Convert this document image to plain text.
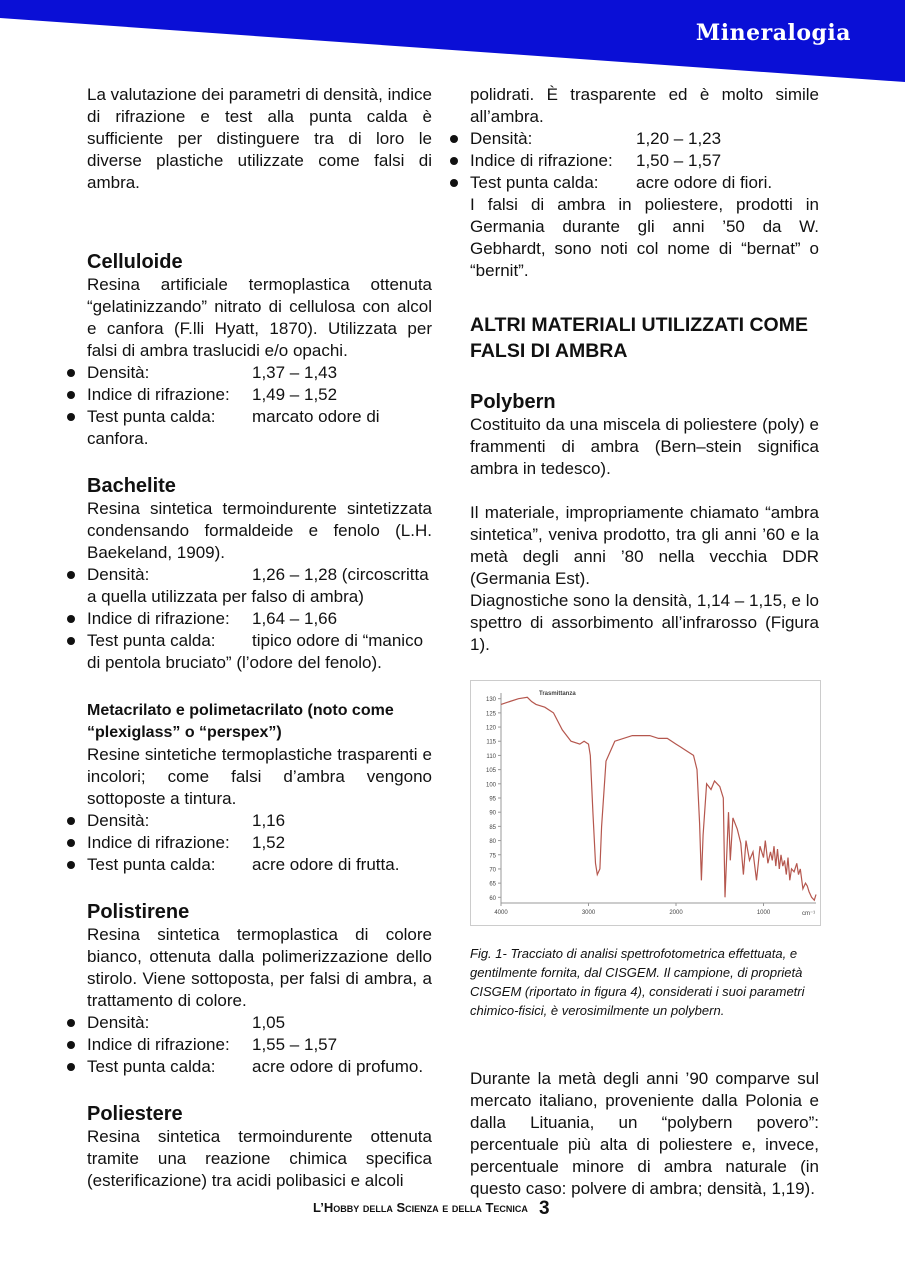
Mineralogia

La valutazione dei parametri di densità, indice di rifrazione e test alla punta calda è sufficiente per distinguere tra di loro le diverse plastiche utilizzate come falsi di ambra.

Celluloide

Resina artificiale termoplastica ottenuta “gelatinizzando” nitrato di cellulosa con alcol e canfora (F.lli Hyatt, 1870). Utilizzata per falsi di ambra traslucidi e/o opachi.

Densità:	1,37 – 1,43
Indice di rifrazione: 1,49 – 1,52
Test punta calda: marcato odore di canfora.
Bachelite

Resina sintetica termoindurente sintetizzata condensando formaldeide e fenolo (L.H. Baekeland, 1909).

Densità:	1,26 – 1,28 (circoscritta a quella utilizzata per falso di ambra)
Indice di rifrazione: 1,64 – 1,66
Test punta calda: tipico odore di “manico di pentola bruciato” (l’odore del fenolo).
Metacrilato e polimetacrilato (noto come “plexiglass” o “perspex”)

Resine sintetiche termoplastiche trasparenti e incolori; come falsi d’ambra vengono sottoposte a tintura.

Densità:	1,16
Indice di rifrazione: 1,52
Test punta calda: acre odore di frutta.
Polistirene

Resina sintetica termoplastica di colore bianco, ottenuta dalla polimerizzazione dello stirolo. Viene sottoposta, per falsi di ambra, a trattamento di colore.

Densità:	1,05
Indice di rifrazione: 1,55 – 1,57
Test punta calda: acre odore di profumo.
Poliestere

Resina sintetica termoindurente ottenuta tramite una reazione chimica specifica (esterificazione) tra acidi polibasici e alcoli

polidrati. È trasparente ed è molto simile all’ambra.

Densità:	1,20 – 1,23
Indice di rifrazione: 1,50 – 1,57
Test punta calda: acre odore di fiori.

I falsi di ambra in poliestere, prodotti in Germania durante gli anni ’50 da W. Gebhardt, sono noti col nome di “bernat” o “bernit”.

ALTRI MATERIALI UTILIZZATI COME FALSI DI AMBRA
Polybern

Costituito da una miscela di poliestere (poly) e frammenti di ambra (Bern–stein significa ambra in tedesco).

Il materiale, impropriamente chiamato “ambra sintetica”, veniva prodotto, tra gli anni ’60 e la metà degli anni ’80 nella vecchia DDR (Germania Est).

Diagnostiche sono la densità, 1,14 – 1,15, e lo spettro di assorbimento all’infrarosso (Figura 1).

130
125
120
115
110
105
100
95
90
85
80
75
70
65
60
4000	3000	2000	1000	cm⁻¹
Trasmittanza

Fig. 1- Tracciato di analisi spettrofotometrica effettuata, e gentilmente fornita, dal CISGEM. Il campione, di proprietà CISGEM (riportato in figura 4), considerati i suoi parametri chimico-fisici, è verosimilmente un polybern.

Durante la metà degli anni ’90 comparve sul mercato italiano, proveniente dalla Polonia e dalla Lituania, un “polybern povero”: percentuale più alta di poliestere e, invece, percentuale minore di ambra naturale (in questo caso: polvere di ambra; densità, 1,19).

L’Hobby della Scienza e della Tecnica 3
